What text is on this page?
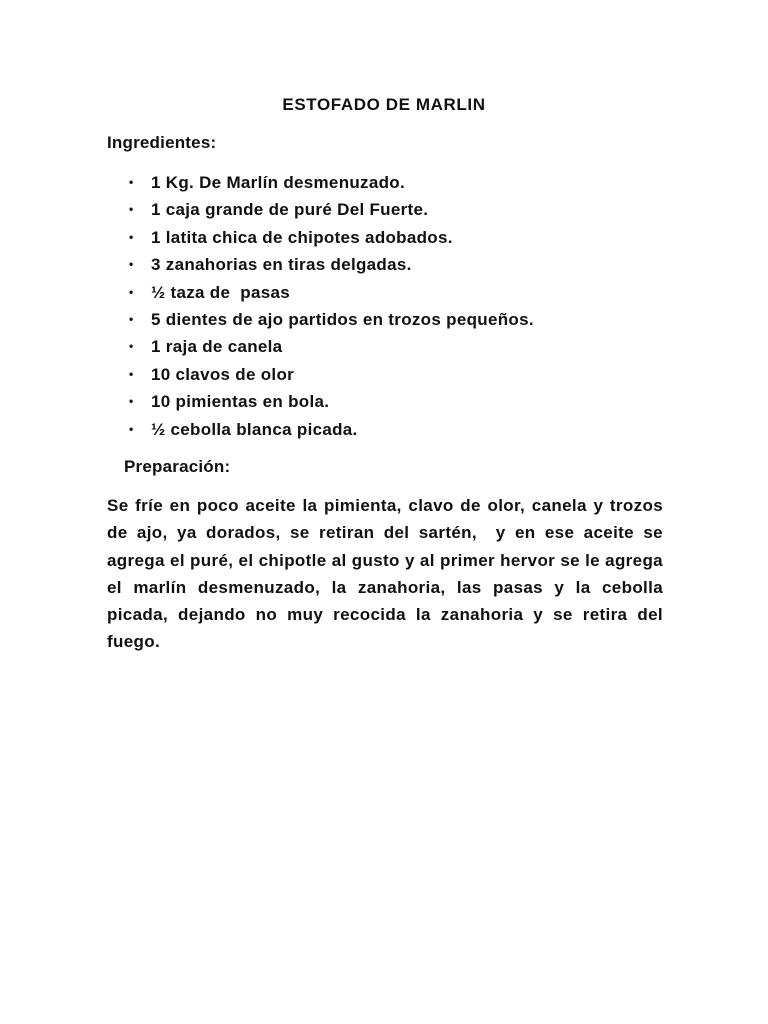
ESTOFADO DE MARLIN
Ingredientes:
•	1 Kg. De Marlín desmenuzado.
•	1 caja grande de puré Del Fuerte.
•	1 latita chica de chipotes adobados.
•	3 zanahorias en tiras delgadas.
•	½ taza de  pasas
•	5 dientes de ajo partidos en trozos pequeños.
•	1 raja de canela
•	10 clavos de olor
•	10 pimientas en bola.
•	½ cebolla blanca picada.
Preparación:

Se fríe en poco aceite la pimienta, clavo de olor, canela y trozos de ajo, ya dorados, se retiran del sartén,  y en ese aceite se agrega el puré, el chipotle al gusto y al primer hervor se le agrega el marlín desmenuzado, la zanahoria, las pasas y la cebolla picada, dejando no muy recocida la zanahoria y se retira del fuego.
